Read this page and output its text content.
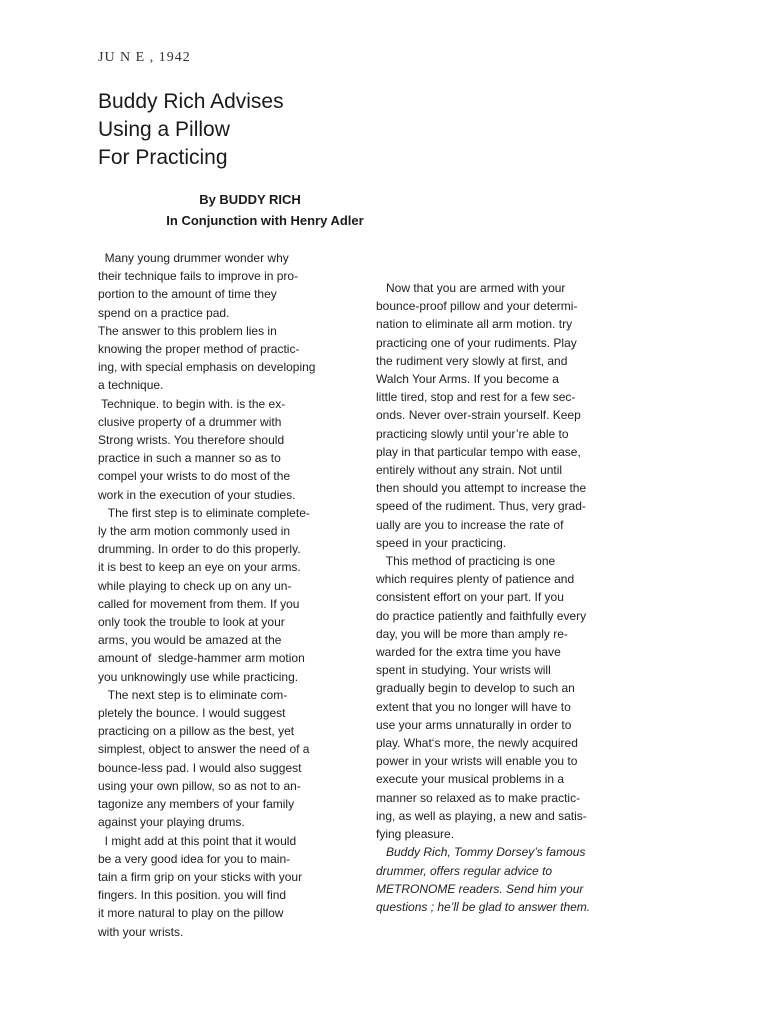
JU N E , 1942
Buddy Rich Advises
Using a Pillow
For Practicing
By BUDDY RICH
In Conjunction with Henry Adler
Many young drummer wonder why
their technique fails to improve in pro-
portion to the amount of time they
spend on a practice pad.
The answer to this problem lies in
knowing the proper method of practic-
ing, with special emphasis on developing
a technique.
Technique. to begin with. is the ex-
clusive property of a drummer with
Strong wrists. You therefore should
practice in such a manner so as to
compel your wrists to do most of the
work in the execution of your studies.
The first step is to eliminate complete-
ly the arm motion commonly used in
drumming. In order to do this properly.
it is best to keep an eye on your arms.
while playing to check up on any un-
called for movement from them. If you
only took the trouble to look at your
arms, you would be amazed at the
amount of  sledge-hammer arm motion
you unknowingly use while practicing.
The next step is to eliminate com-
pletely the bounce. I would suggest
practicing on a pillow as the best, yet
simplest, object to answer the need of a
bounce-less pad. I would also suggest
using your own pillow, so as not to an-
tagonize any members of your family
against your playing drums.
I might add at this point that it would
be a very good idea for you to main-
tain a firm grip on your sticks with your
fingers. In this position. you will find
it more natural to play on the pillow
with your wrists.
Now that you are armed with your
bounce-proof pillow and your determi-
nation to eliminate all arm motion. try
practicing one of your rudiments. Play
the rudiment very slowly at first, and
Walch Your Arms. If you become a
little tired, stop and rest for a few sec-
onds. Never over-strain yourself. Keep
practicing slowly until your’re able to
play in that particular tempo with ease,
entirely without any strain. Not until
then should you attempt to increase the
speed of the rudiment. Thus, very grad-
ually are you to increase the rate of
speed in your practicing.
This method of practicing is one
which requires plenty of patience and
consistent effort on your part. If you
do practice patiently and faithfully every
day, you will be more than amply re-
warded for the extra time you have
spent in studying. Your wrists will
gradually begin to develop to such an
extent that you no longer will have to
use your arms unnaturally in order to
play. What‘s more, the newly acquired
power in your wrists will enable you to
execute your musical problems in a
manner so relaxed as to make practic-
ing, as well as playing, a new and satis-
fying pleasure.
Buddy Rich, Tommy Dorsey’s famous
drummer, offers regular advice to
METRONOME readers. Send him your
questions ; he’ll be glad to answer them.
